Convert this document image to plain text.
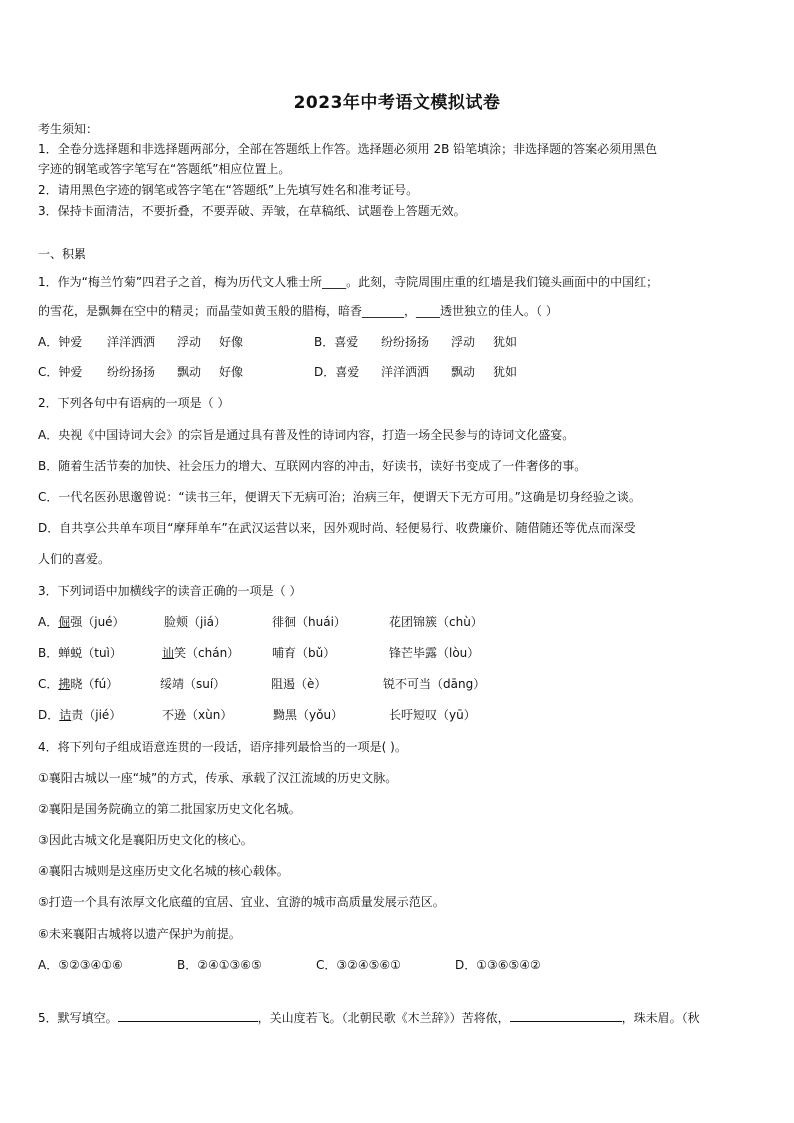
2023年中考语文模拟试卷
考生须知：
1．全卷分选择题和非选择题两部分，全部在答题纸上作答。选择题必须用 2B 铅笔填涂；非选择题的答案必须用黑色
字迹的钢笔或答字笔写在“答题纸”相应位置上。
2．请用黑色字迹的钢笔或答字笔在“答题纸”上先填写姓名和准考证号。
3．保持卡面清洁，不要折叠，不要弄破、弄皱，在草稿纸、试题卷上答题无效。
一、积累
1．作为“梅兰竹菊”四君子之首，梅为历代文人雅士所____。此刻，寺院周围庄重的红墙是我们镜头画面中的中国红；
的雪花，是飘舞在空中的精灵；而晶莹如黄玉般的腊梅，暗香_______，____透世独立的佳人。（ ）
A．钟爱 洋洋洒洒 浮动 好像	B．喜爱 纷纷扬扬 浮动 犹如
C．钟爱 纷纷扬扬 飘动 好像	D．喜爱 洋洋洒洒 飘动 犹如
2．下列各句中有语病的一项是（ ）
A．央视《中国诗词大会》的宗旨是通过具有普及性的诗词内容，打造一场全民参与的诗词文化盛宴。
B．随着生活节奏的加快、社会压力的增大、互联网内容的冲击，好读书，读好书变成了一件奢侈的事。
C．一代名医孙思邈曾说：“读书三年，便谓天下无病可治；治病三年，便谓天下无方可用。”这确是切身经验之谈。
D．自共享公共单车项目“摩拜单车”在武汉运营以来，因外观时尚、轻便易行、收费廉价、随借随还等优点而深受
人们的喜爱。
3．下列词语中加横线字的读音正确的一项是（ ）
A．倔强（jué）	脸颊（jiá）	徘徊（huái）	花团锦簇（chù）
B．蝉蜕（tuì）	讪笑（chán）	哺育（bǔ）	锋芒毕露（lòu）
C．拂晓（fú）	绥靖（suí）	阻遏（è）	锐不可当（dāng）
D．诘责（jié）	不逊（xùn）	黝黑（yǒu）	长吁短叹（yū）
4．将下列句子组成语意连贯的一段话，语序排列最恰当的一项是( )。
①襄阳古城以一座“城”的方式，传承、承载了汉江流域的历史文脉。
②襄阳是国务院确立的第二批国家历史文化名城。
③因此古城文化是襄阳历史文化的核心。
④襄阳古城则是这座历史文化名城的核心载体。
⑤打造一个具有浓厚文化底蕴的宜居、宜业、宜游的城市高质量发展示范区。
⑥未来襄阳古城将以遗产保护为前提。
A．⑤②③④①⑥	B．②④①③⑥⑤	C．③②④⑤⑥①	D．①③⑥⑤④②
5．默写填空。	，关山度若飞。（北朝民歌《木兰辞》）苦将侬，	，珠未眉。（秋
